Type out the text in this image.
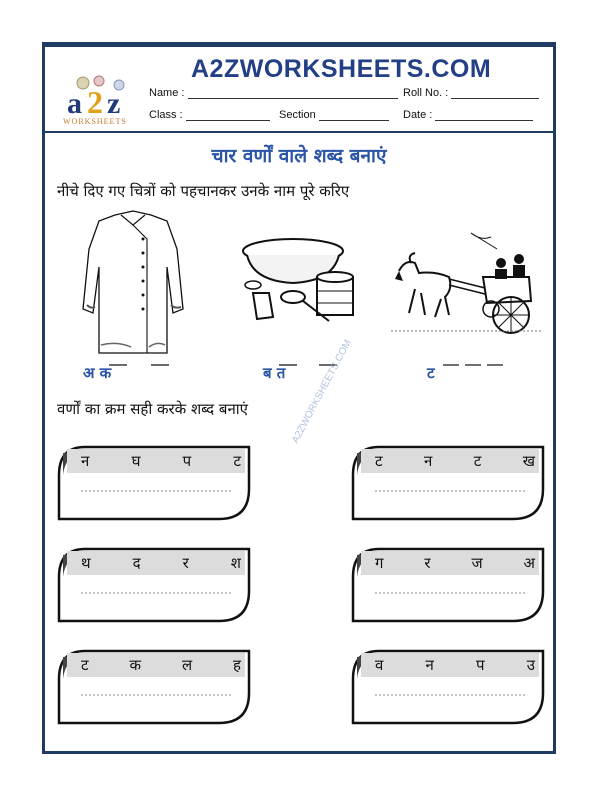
a 2 z
WORKSHEETS
A2ZWORKSHEETS.COM
Name :	Roll No. :
Class :	Section	Date :
चार वर्णों वाले शब्द बनाएं
नीचे दिए गए चित्रों को पहचानकर उनके नाम पूरे करिए
अ क	ब त	ट
वर्णों का क्रम सही करके शब्द बनाएं	A2ZWORKSHEETS.COM
न	घ	प	ट	ट	न	ट	ख
थ	द	र	श	ग	र	ज	अ
ट	क	ल	ह	व	न	प	उ
